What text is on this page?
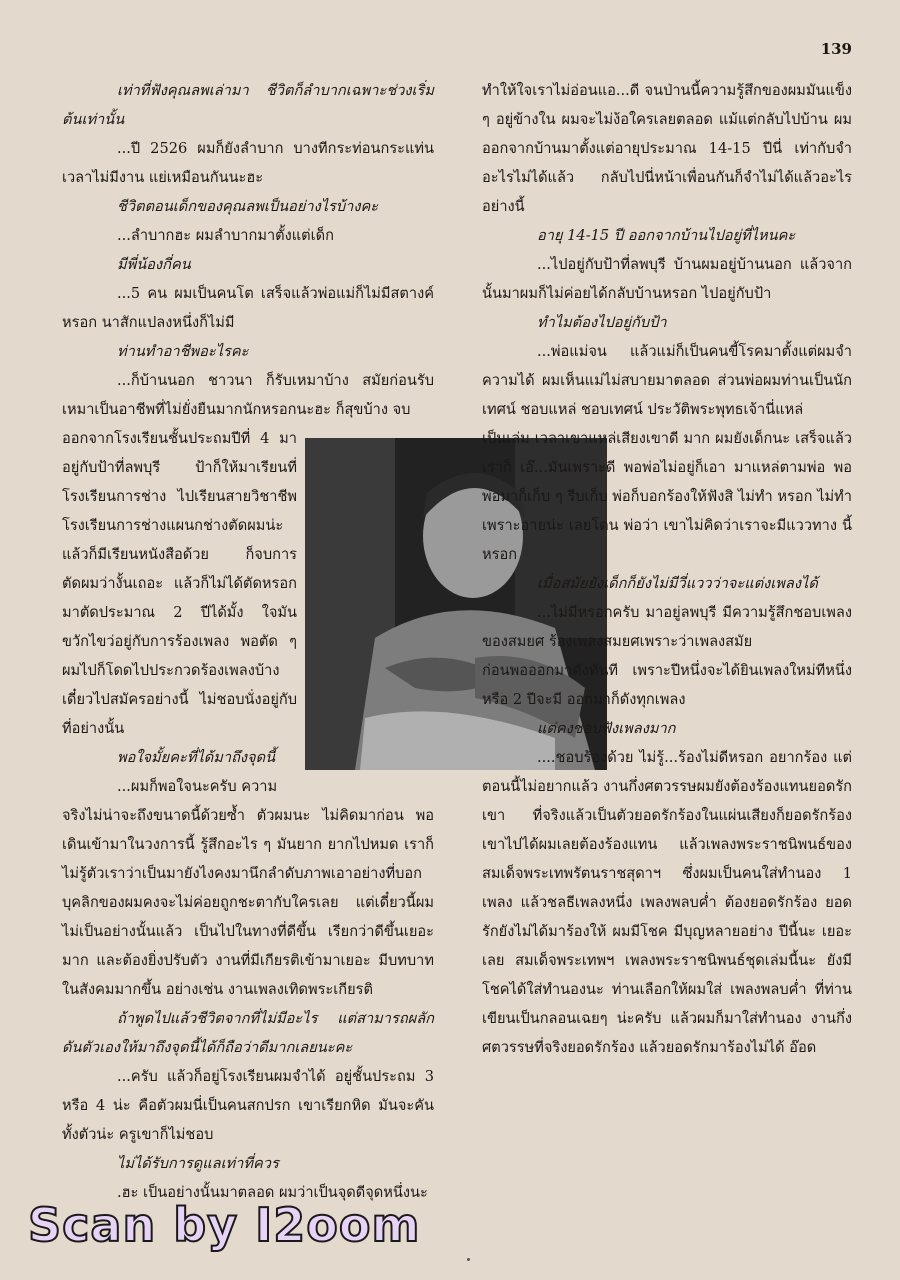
139

เท่าที่ฟังคุณลพเล่ามา ชีวิตก็ลำบากเฉพาะช่วงเริ่มต้นเท่านั้น

...ปี 2526 ผมก็ยังลำบาก บางทีกระท่อนกระแท่น เวลาไม่มีงาน แย่เหมือนกันนะฮะ

ชีวิตตอนเด็กของคุณลพเป็นอย่างไรบ้างคะ

...ลำบากฮะ ผมลำบากมาตั้งแต่เด็ก

มีพี่น้องกี่คน

...5 คน ผมเป็นคนโต เสร็จแล้วพ่อแม่ก็ไม่มีสตางค์หรอก นาสักแปลงหนึ่งก็ไม่มี

ท่านทำอาชีพอะไรคะ

...ก็บ้านนอก ชาวนา ก็รับเหมาบ้าง สมัยก่อนรับเหมาเป็นอาชีพที่ไม่ยั่งยืนมากนักหรอกนะฮะ ก็สุขบ้าง จบ

ออกจากโรงเรียนชั้นประถมปีที่ 4 มาอยู่กับป้าที่ลพบุรี ป้าก็ให้มาเรียนที่โรงเรียนการช่าง ไปเรียนสายวิชาชีพ โรงเรียนการช่างแผนกช่างตัดผมน่ะ แล้วก็มีเรียนหนังสือด้วย ก็จบการตัดผมว่างั้นเถอะ แล้วก็ไม่ได้ตัดหรอก มาตัดประมาณ 2 ปีได้มั้ง ใจมันขวักไขว่อยู่กับการร้องเพลง พอตัด ๆ ผมไปก็โดดไปประกวดร้องเพลงบ้าง เดี๋ยวไปสมัครอย่างนี้ ไม่ชอบนั่งอยู่กับที่อย่างนั้น

พอใจมั้ยคะที่ได้มาถึงจุดนี้

...ผมก็พอใจนะครับ ความ

จริงไม่น่าจะถึงขนาดนี้ด้วยซ้ำ ตัวผมนะ ไม่คิดมาก่อน พอเดินเข้ามาในวงการนี้ รู้สึกอะไร ๆ มันยาก ยากไปหมด เราก็ไม่รู้ตัวเราว่าเป็นมายังไงคงมานึกลำดับภาพเอาอย่างที่บอก บุคลิกของผมคงจะไม่ค่อยถูกชะตากับใครเลย แต่เดี๋ยวนี้ผมไม่เป็นอย่างนั้นแล้ว เป็นไปในทางที่ดีขึ้น เรียกว่าดีขึ้นเยอะมาก และต้องยิ่งปรับตัว งานที่มีเกียรติเข้ามาเยอะ มีบทบาทในสังคมมากขึ้น อย่างเช่น งานเพลงเทิดพระเกียรติ

ถ้าพูดไปแล้วชีวิตจากที่ไม่มีอะไร แต่สามารถผลักดันตัวเองให้มาถึงจุดนี้ได้ก็ถือว่าดีมากเลยนะคะ

...ครับ แล้วก็อยู่โรงเรียนผมจำได้ อยู่ชั้นประถม 3 หรือ 4 น่ะ คือตัวผมนี่เป็นคนสกปรก เขาเรียกหิด มันจะคันทั้งตัวน่ะ ครูเขาก็ไม่ชอบ

ไม่ได้รับการดูแลเท่าที่ควร

.ฮะ เป็นอย่างนั้นมาตลอด ผมว่าเป็นจุดดีจุดหนึ่งนะ

ทำให้ใจเราไม่อ่อนแอ...ดี จนป่านนี้ความรู้สึกของผมมันแข็ง ๆ อยู่ข้างใน ผมจะไม่ง้อใครเลยตลอด แม้แต่กลับไปบ้าน ผมออกจากบ้านมาตั้งแต่อายุประมาณ 14-15 ปีนี่ เท่ากับจำอะไรไม่ได้แล้ว กลับไปนี่หน้าเพื่อนกันก็จำไม่ได้แล้วอะไรอย่างนี้

อายุ 14-15 ปี ออกจากบ้านไปอยู่ที่ไหนคะ

...ไปอยู่กับป้าที่ลพบุรี บ้านผมอยู่บ้านนอก แล้วจากนั้นมาผมก็ไม่ค่อยได้กลับบ้านหรอก ไปอยู่กับป้า

ทำไมต้องไปอยู่กับป้า

...พ่อแม่จน แล้วแม่ก็เป็นคนขี้โรคมาตั้งแต่ผมจำความได้ ผมเห็นแม่ไม่สบายมาตลอด ส่วนพ่อผมท่านเป็นนักเทศน์ ชอบแหล่ ชอบเทศน์ ประวัติพระพุทธเจ้านี่แหล่

เป็นเล่ม เวลาเขาแหล่เสียงเขาดี มาก ผมยังเด็กนะ เสร็จแล้วเราก็ เอ๊...มันเพราะดี พอพ่อไม่อยู่ก็เอา มาแหล่ตามพ่อ พอพ่อมาก็เก็บ ๆ รีบเก็บ พ่อก็บอกร้องให้ฟังสิ ไม่ทำ หรอก ไม่ทำ เพราะอายน่ะ เลยโดน พ่อว่า เขาไม่คิดว่าเราจะมีแววทาง นี้หรอก

เมื่อสมัยยังเด็กก็ยังไม่มีวี่แววว่าจะแต่งเพลงได้

...ไม่มีหรอกครับ มาอยู่ลพบุรี มีความรู้สึกชอบเพลงของสมยศ ร้องเพลงสมยศเพราะว่าเพลงสมัย

ก่อนพอออกมาดังทันที เพราะปีหนึ่งจะได้ยินเพลงใหม่ทีหนึ่งหรือ 2 ปีจะมี ออกมาก็ดังทุกเพลง

แต่คงชอบฟังเพลงมาก

....ชอบร้องด้วย ไม่รู้...ร้องไม่ดีหรอก อยากร้อง แต่ตอนนี้ไม่อยากแล้ว งานกึ่งศตวรรษผมยังต้องร้องแทนยอดรักเขา ที่จริงแล้วเป็นตัวยอดรักร้องในแผ่นเสียงก็ยอดรักร้องเขาไปได้ผมเลยต้องร้องแทน แล้วเพลงพระราชนิพนธ์ของสมเด็จพระเทพรัตนราชสุดาฯ ซึ่งผมเป็นคนใส่ทำนอง 1 เพลง แล้วชลธีเพลงหนึ่ง เพลงพลบค่ำ ต้องยอดรักร้อง ยอดรักยังไม่ได้มาร้องให้ ผมมีโชค มีบุญหลายอย่าง ปีนี้นะ เยอะเลย สมเด็จพระเทพฯ เพลงพระราชนิพนธ์ชุดเล่มนี้นะ ยังมีโชคได้ใส่ทำนองนะ ท่านเลือกให้ผมใส่ เพลงพลบค่ำ ที่ท่านเขียนเป็นกลอนเฉยๆ น่ะครับ แล้วผมก็มาใส่ทำนอง งานกึ่งศตวรรษที่จริงยอดรักร้อง แล้วยอดรักมาร้องไม่ได้ อ๊อด

Scan by I2oom
